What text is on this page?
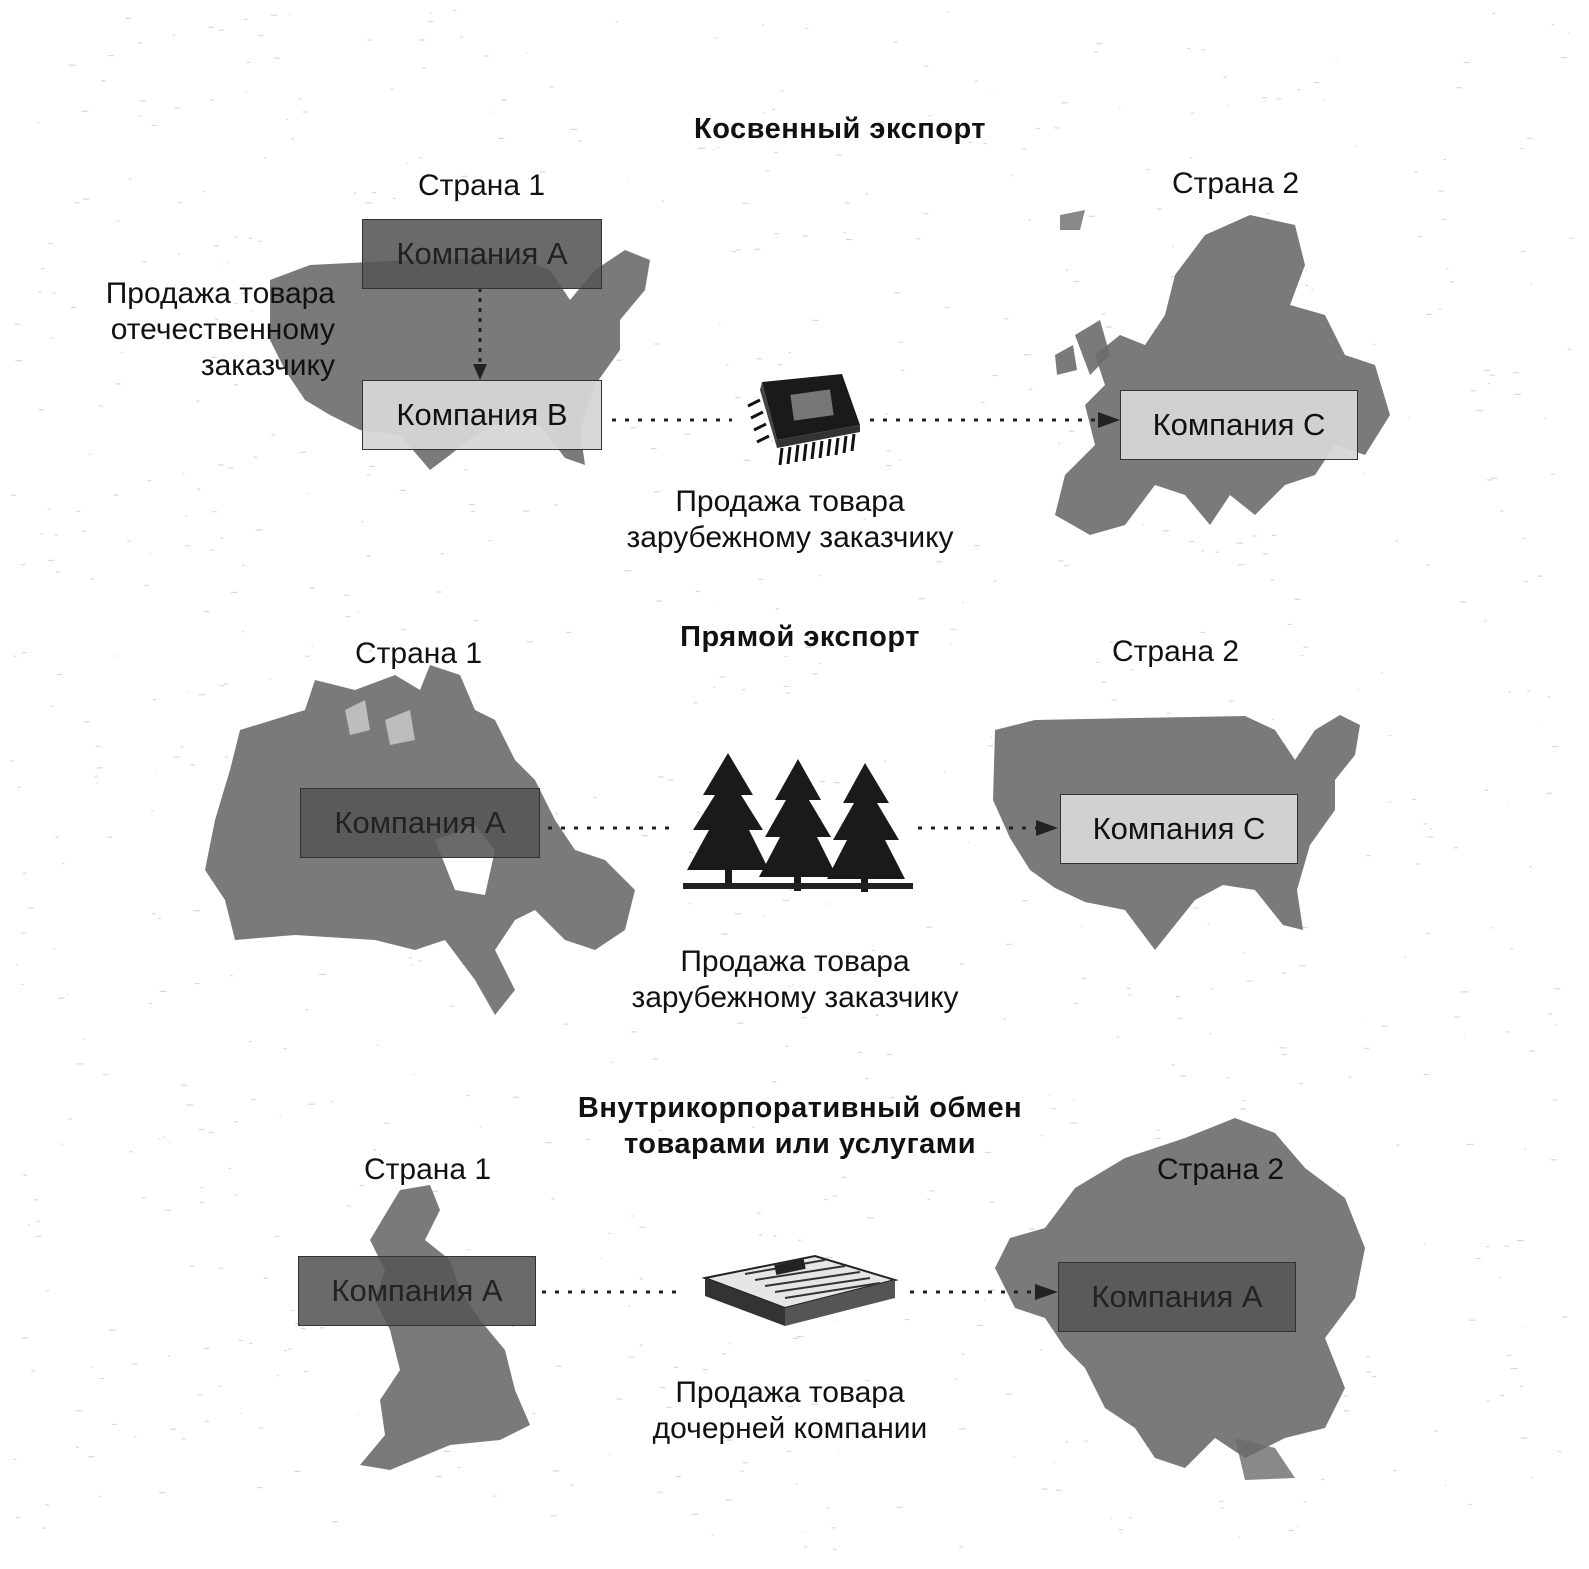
Косвенный экспорт
Страна 1	Страна 2
Компания А
Продажа товара
отечественному
заказчику
Компания В	Компания С
Продажа товара
зарубежному заказчику
Прямой экспорт
Страна 1	Страна 2
Компания А	Компания С
Продажа товара
зарубежному заказчику
Внутрикорпоративный обмен
товарами или услугами
Страна 1	Страна 2
Компания А	Компания А
Продажа товара
дочерней компании
